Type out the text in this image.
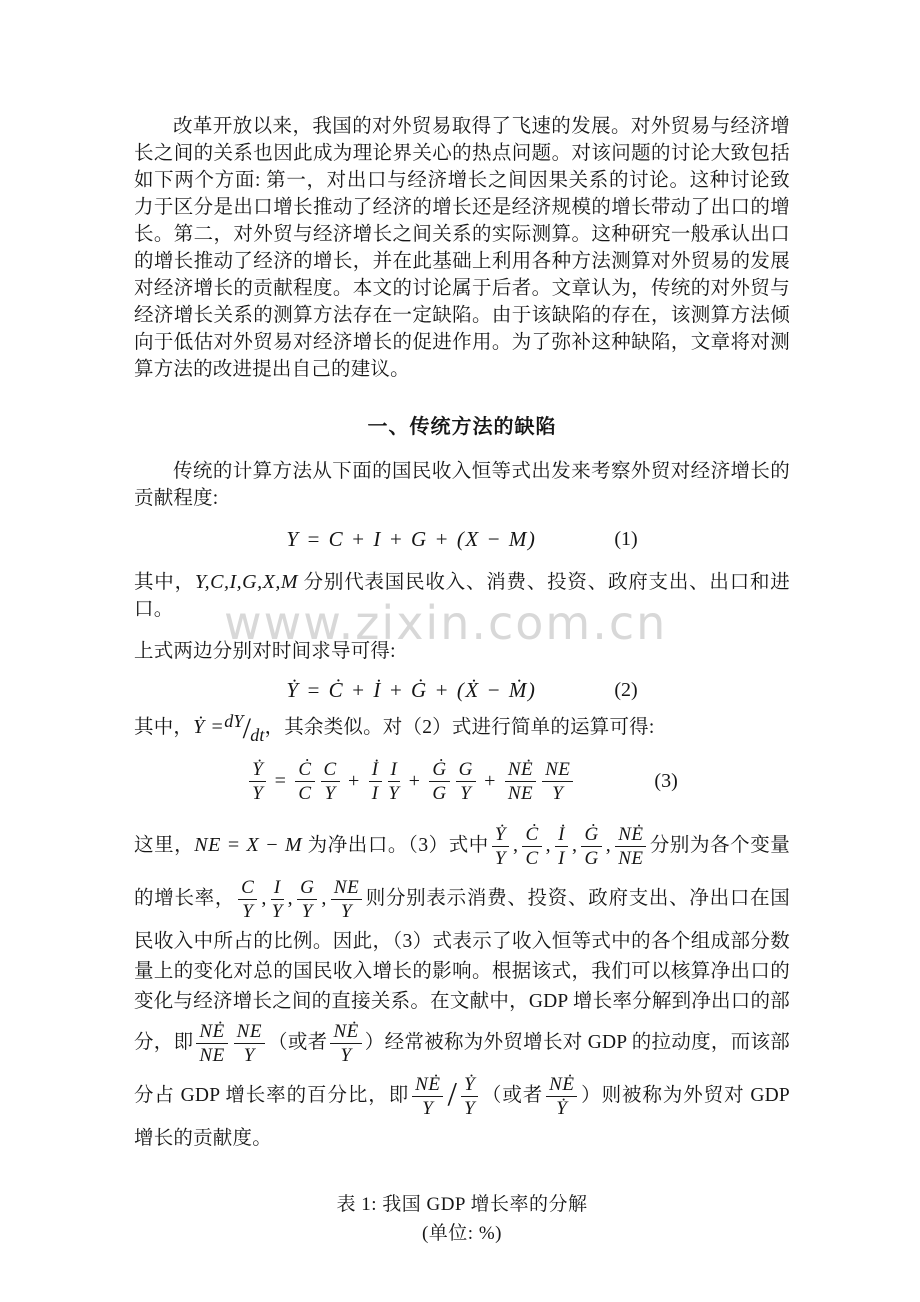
www.zixin.com.cn

改革开放以来，我国的对外贸易取得了飞速的发展。对外贸易与经济增长之间的关系也因此成为理论界关心的热点问题。对该问题的讨论大致包括如下两个方面: 第一，对出口与经济增长之间因果关系的讨论。这种讨论致力于区分是出口增长推动了经济的增长还是经济规模的增长带动了出口的增长。第二，对外贸与经济增长之间关系的实际测算。这种研究一般承认出口的增长推动了经济的增长，并在此基础上利用各种方法测算对外贸易的发展对经济增长的贡献程度。本文的讨论属于后者。文章认为，传统的对外贸与经济增长关系的测算方法存在一定缺陷。由于该缺陷的存在，该测算方法倾向于低估对外贸易对经济增长的促进作用。为了弥补这种缺陷，文章将对测算方法的改进提出自己的建议。

一、传统方法的缺陷

传统的计算方法从下面的国民收入恒等式出发来考察外贸对经济增长的贡献程度:

Y = C + I + G + (X − M)	(1)

其中，Y,C,I,G,X,M 分别代表国民收入、消费、投资、政府支出、出口和进口。

上式两边分别对时间求导可得:

Ẏ = Ċ + İ + Ġ + (Ẋ − Ṁ)	(2)

其中，Ẏ = dY / dt ，其余类似。对（2）式进行简单的运算可得:

$\frac{\text{Ẏ}}{Y} = \frac{Ċ}{C} \frac{C}{Y} + \frac{İ}{I} \frac{I}{Y} + \frac{Ġ}{G} \frac{G}{Y} + \frac{NĖ}{NE} \frac{NE}{Y}$	(3)

这里，NE = X − M 为净出口。（3）式中 $\frac{\text{Ẏ}}{Y}$ , $\frac{Ċ}{C}$ , $\frac{İ}{I}$ , $\frac{Ġ}{G}$ , $\frac{NĖ}{NE}$ 分别为各个变量的增长率， $\frac{C}{Y}$ , $\frac{I}{Y}$ , $\frac{G}{Y}$ , $\frac{NE}{Y}$ 则分别表示消费、投资、政府支出、净出口在国民收入中所占的比例。因此，（3）式表示了收入恒等式中的各个组成部分数量上的变化对总的国民收入增长的影响。根据该式，我们可以核算净出口的变化与经济增长之间的直接关系。在文献中，GDP 增长率分解到净出口的部分，即 $\frac{NĖ}{NE} \frac{NE}{Y}$ （或者 $\frac{NĖ}{Y}$ ）经常被称为外贸增长对 GDP 的拉动度，而该部分占 GDP 增长率的百分比，即 $\frac{NĖ}{Y} / \frac{\text{Ẏ}}{Y}$ （或者 $\frac{NĖ}{\text{Ẏ}}$ ）则被称为外贸对 GDP 增长的贡献度。

表 1: 我国 GDP 增长率的分解

(单位: %)
